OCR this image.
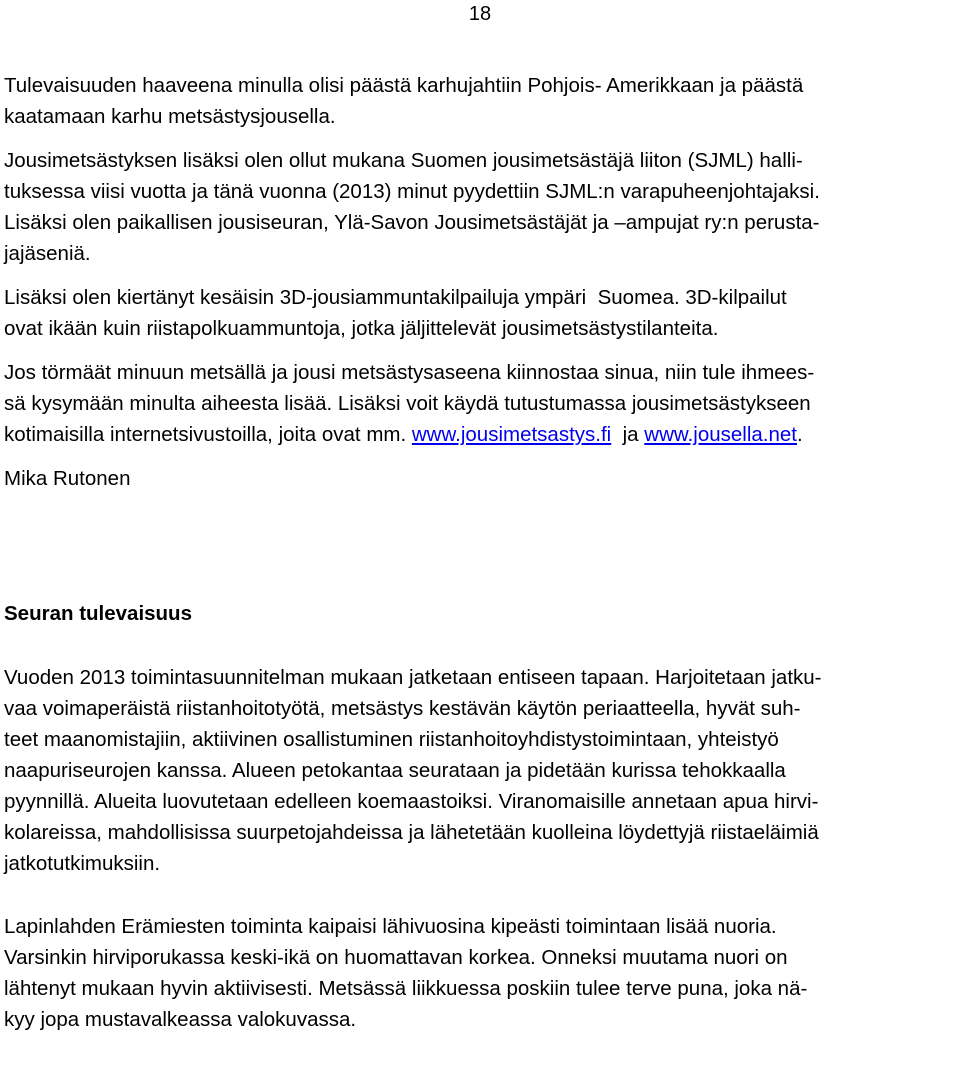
18
Tulevaisuuden haaveena minulla olisi päästä karhujahtiin Pohjois- Amerikkaan ja päästä
kaatamaan karhu metsästysjousella.
Jousimetsästyksen lisäksi olen ollut mukana Suomen jousimetsästäjä liiton (SJML) halli-
tuksessa viisi vuotta ja tänä vuonna (2013) minut pyydettiin SJML:n varapuheenjohtajaksi.
Lisäksi olen paikallisen jousiseuran, Ylä-Savon Jousimetsästäjät ja –ampujat ry:n perusta-
jajäseniä.
Lisäksi olen kiertänyt kesäisin 3D-jousiammuntakilpailuja ympäri  Suomea. 3D-kilpailut
ovat ikään kuin riistapolkuammuntoja, jotka jäljittelevät jousimetsästystilanteita.
Jos törmäät minuun metsällä ja jousi metsästysaseena kiinnostaa sinua, niin tule ihmees-
sä kysymään minulta aiheesta lisää. Lisäksi voit käydä tutustumassa jousimetsästykseen
kotimaisilla internetsivustoilla, joita ovat mm. www.jousimetsastys.fi  ja www.jousella.net.
Mika Rutonen
Seuran tulevaisuus
Vuoden 2013 toimintasuunnitelman mukaan jatketaan entiseen tapaan. Harjoitetaan jatku-
vaa voimaperäistä riistanhoitotyötä, metsästys kestävän käytön periaatteella, hyvät suh-
teet maanomistajiin, aktiivinen osallistuminen riistanhoitoyhdistystoimintaan, yhteistyö
naapuriseurojen kanssa. Alueen petokantaa seurataan ja pidetään kurissa tehokkaalla
pyynnillä. Alueita luovutetaan edelleen koemaastoiksi. Viranomaisille annetaan apua hirvi-
kolareissa, mahdollisissa suurpetojahdeissa ja lähetetään kuolleina löydettyjä riistaeläimiä
jatkotutkimuksiin.
Lapinlahden Erämiesten toiminta kaipaisi lähivuosina kipeästi toimintaan lisää nuoria.
Varsinkin hirviporukassa keski-ikä on huomattavan korkea. Onneksi muutama nuori on
lähtenyt mukaan hyvin aktiivisesti. Metsässä liikkuessa poskiin tulee terve puna, joka nä-
kyy jopa mustavalkeassa valokuvassa.
